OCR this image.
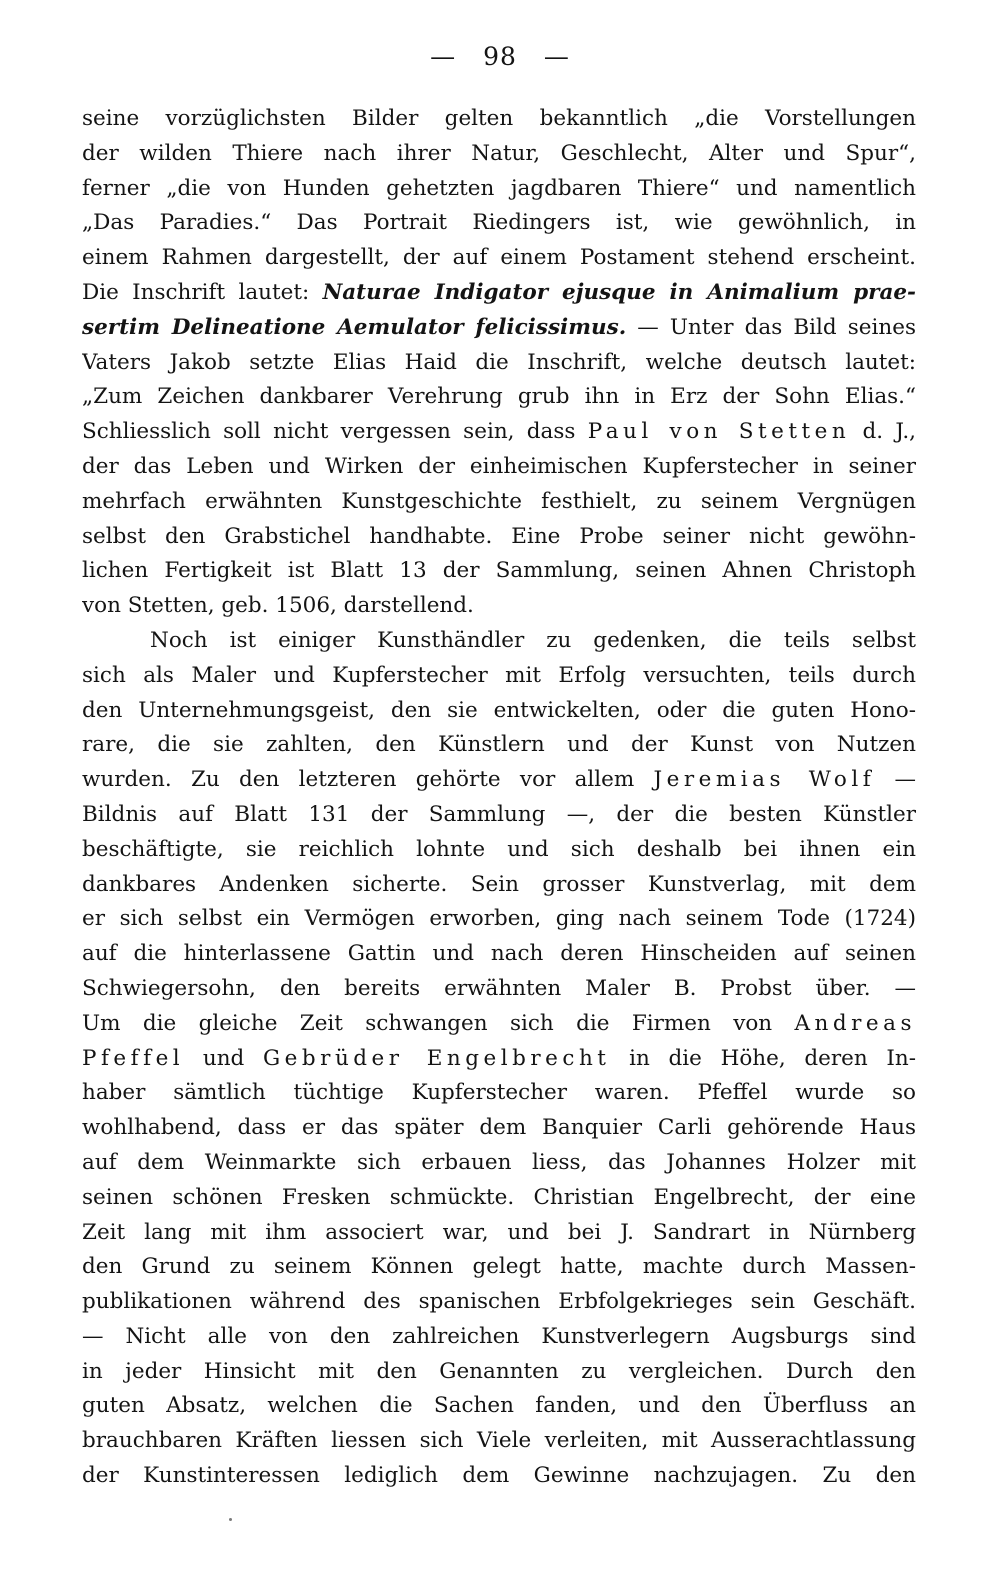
— 98 —
seine vorzüglichsten Bilder gelten bekanntlich „die Vorstellungen
der wilden Thiere nach ihrer Natur, Geschlecht, Alter und Spur“,
ferner „die von Hunden gehetzten jagdbaren Thiere“ und namentlich
„Das Paradies.“ Das Portrait Riedingers ist, wie gewöhnlich, in
einem Rahmen dargestellt, der auf einem Postament stehend erscheint.
Die Inschrift lautet: Naturae Indigator ejusque in Animalium prae-
sertim Delineatione Aemulator felicissimus. — Unter das Bild seines
Vaters Jakob setzte Elias Haid die Inschrift, welche deutsch lautet:
„Zum Zeichen dankbarer Verehrung grub ihn in Erz der Sohn Elias.“
Schliesslich soll nicht vergessen sein, dass Paul von Stetten d. J.,
der das Leben und Wirken der einheimischen Kupferstecher in seiner
mehrfach erwähnten Kunstgeschichte festhielt, zu seinem Vergnügen
selbst den Grabstichel handhabte. Eine Probe seiner nicht gewöhn-
lichen Fertigkeit ist Blatt 13 der Sammlung, seinen Ahnen Christoph
von Stetten, geb. 1506, darstellend.
Noch ist einiger Kunsthändler zu gedenken, die teils selbst
sich als Maler und Kupferstecher mit Erfolg versuchten, teils durch
den Unternehmungsgeist, den sie entwickelten, oder die guten Hono-
rare, die sie zahlten, den Künstlern und der Kunst von Nutzen
wurden. Zu den letzteren gehörte vor allem Jeremias Wolf —
Bildnis auf Blatt 131 der Sammlung —, der die besten Künstler
beschäftigte, sie reichlich lohnte und sich deshalb bei ihnen ein
dankbares Andenken sicherte. Sein grosser Kunstverlag, mit dem
er sich selbst ein Vermögen erworben, ging nach seinem Tode (1724)
auf die hinterlassene Gattin und nach deren Hinscheiden auf seinen
Schwiegersohn, den bereits erwähnten Maler B. Probst über. —
Um die gleiche Zeit schwangen sich die Firmen von Andreas
Pfeffel und Gebrüder Engelbrecht in die Höhe, deren In-
haber sämtlich tüchtige Kupferstecher waren. Pfeffel wurde so
wohlhabend, dass er das später dem Banquier Carli gehörende Haus
auf dem Weinmarkte sich erbauen liess, das Johannes Holzer mit
seinen schönen Fresken schmückte. Christian Engelbrecht, der eine
Zeit lang mit ihm associert war, und bei J. Sandrart in Nürnberg
den Grund zu seinem Können gelegt hatte, machte durch Massen-
publikationen während des spanischen Erbfolgekrieges sein Geschäft.
— Nicht alle von den zahlreichen Kunstverlegern Augsburgs sind
in jeder Hinsicht mit den Genannten zu vergleichen. Durch den
guten Absatz, welchen die Sachen fanden, und den Überfluss an
brauchbaren Kräften liessen sich Viele verleiten, mit Ausserachtlassung
der Kunstinteressen lediglich dem Gewinne nachzujagen. Zu den
